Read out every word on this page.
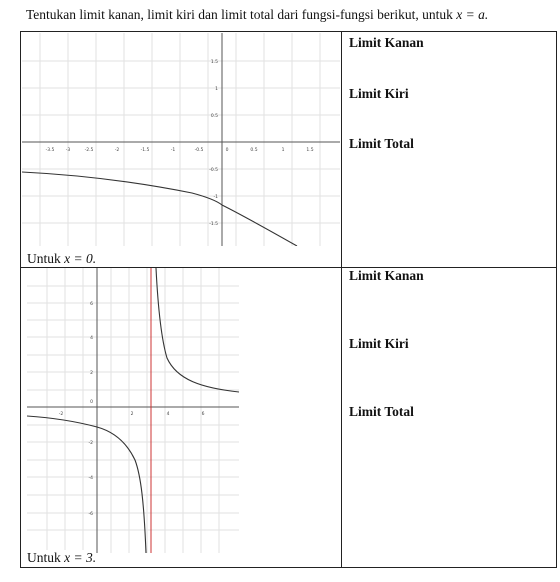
Tentukan limit kanan, limit kiri dan limit total dari fungsi-fungsi berikut, untuk x = a.
-3.5	-3	-2.5	-2	-1.5	-1	-0.5	0	0.5	1	1.5
1.5
1
0.5
-0.5
-1
-1.5
Limit Kanan
Limit Kiri
Limit Total
Untuk x = 0.
-2
0
2	4	6
6
4
2
-2
-4
-6
Limit Kanan
Limit Kiri
Limit Total
Untuk x = 3.
